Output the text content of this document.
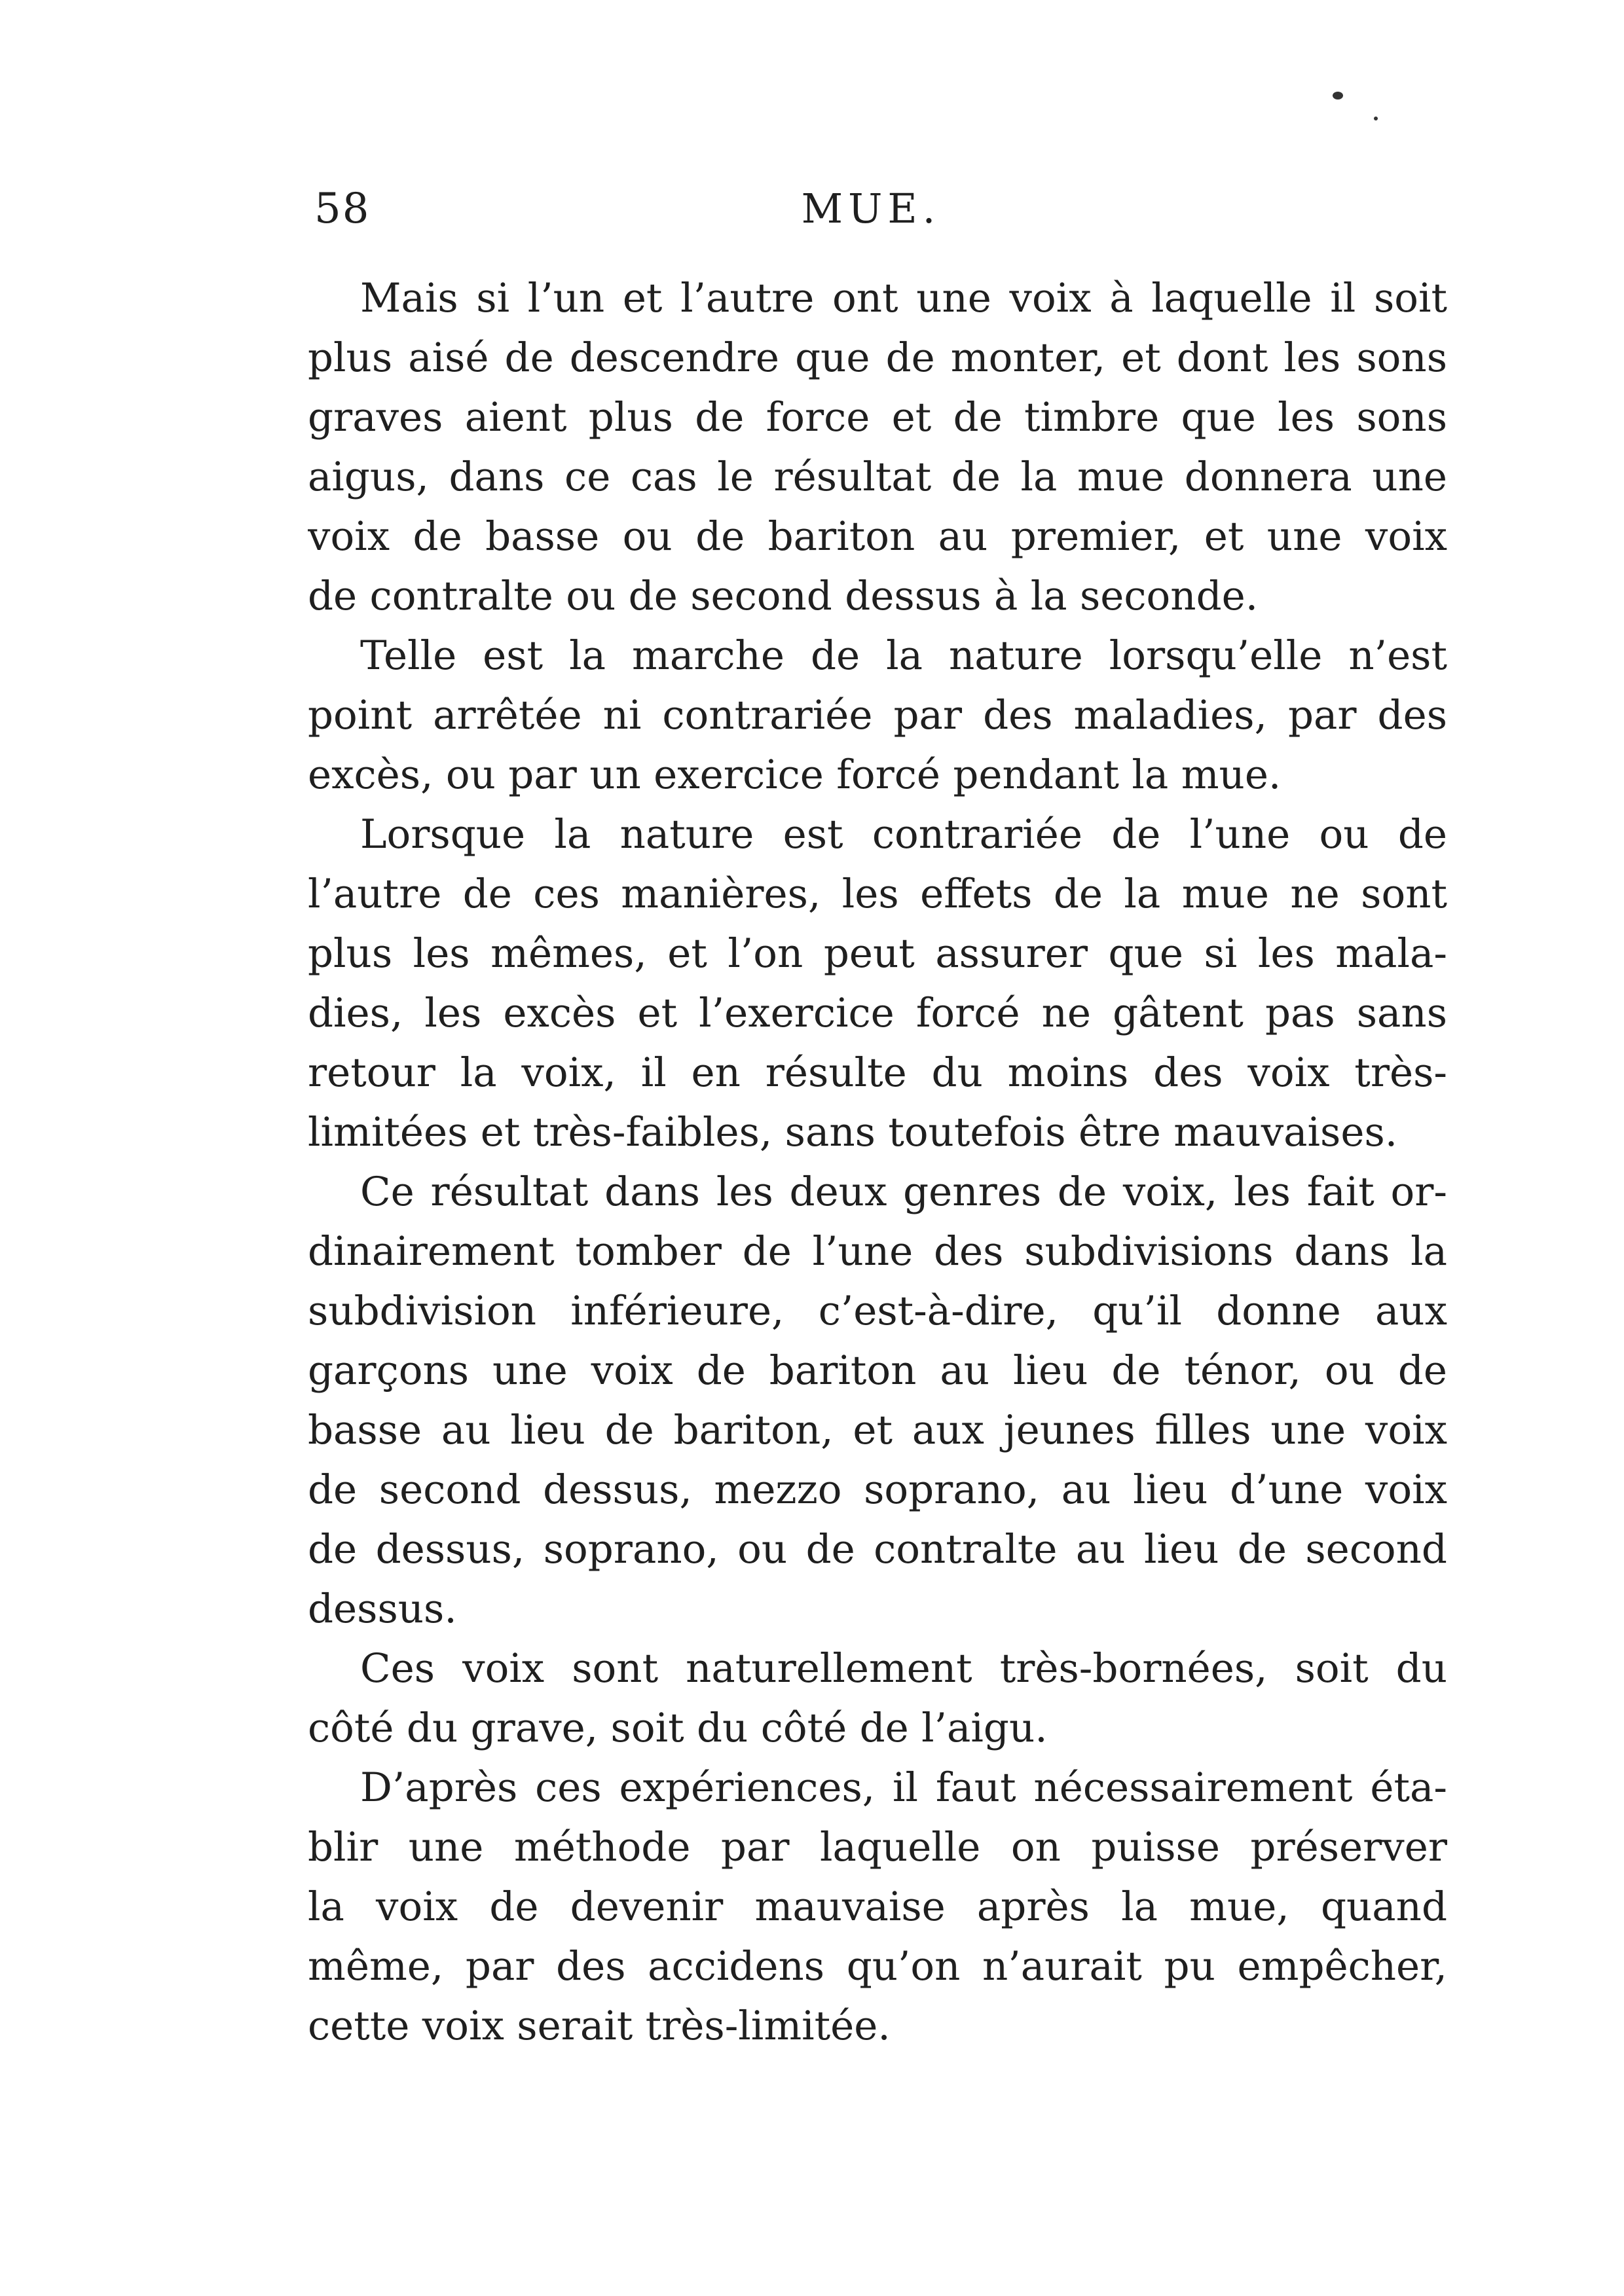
58	MUE.
Mais si l’un et l’autre ont une voix à laquelle il soit
plus aisé de descendre que de monter, et dont les sons
graves aient plus de force et de timbre que les sons
aigus, dans ce cas le résultat de la mue donnera une
voix de basse ou de bariton au premier, et une voix
de contralte ou de second dessus à la seconde.
Telle est la marche de la nature lorsqu’elle n’est
point arrêtée ni contrariée par des maladies, par des
excès, ou par un exercice forcé pendant la mue.
Lorsque la nature est contrariée de l’une ou de
l’autre de ces manières, les effets de la mue ne sont
plus les mêmes, et l’on peut assurer que si les mala-
dies, les excès et l’exercice forcé ne gâtent pas sans
retour la voix, il en résulte du moins des voix très-
limitées et très-faibles, sans toutefois être mauvaises.
Ce résultat dans les deux genres de voix, les fait or-
dinairement tomber de l’une des subdivisions dans la
subdivision inférieure, c’est-à-dire, qu’il donne aux
garçons une voix de bariton au lieu de ténor, ou de
basse au lieu de bariton, et aux jeunes filles une voix
de second dessus, mezzo soprano, au lieu d’une voix
de dessus, soprano, ou de contralte au lieu de second
dessus.
Ces voix sont naturellement très-bornées, soit du
côté du grave, soit du côté de l’aigu.
D’après ces expériences, il faut nécessairement éta-
blir une méthode par laquelle on puisse préserver
la voix de devenir mauvaise après la mue, quand
même, par des accidens qu’on n’aurait pu empêcher,
cette voix serait très-limitée.
